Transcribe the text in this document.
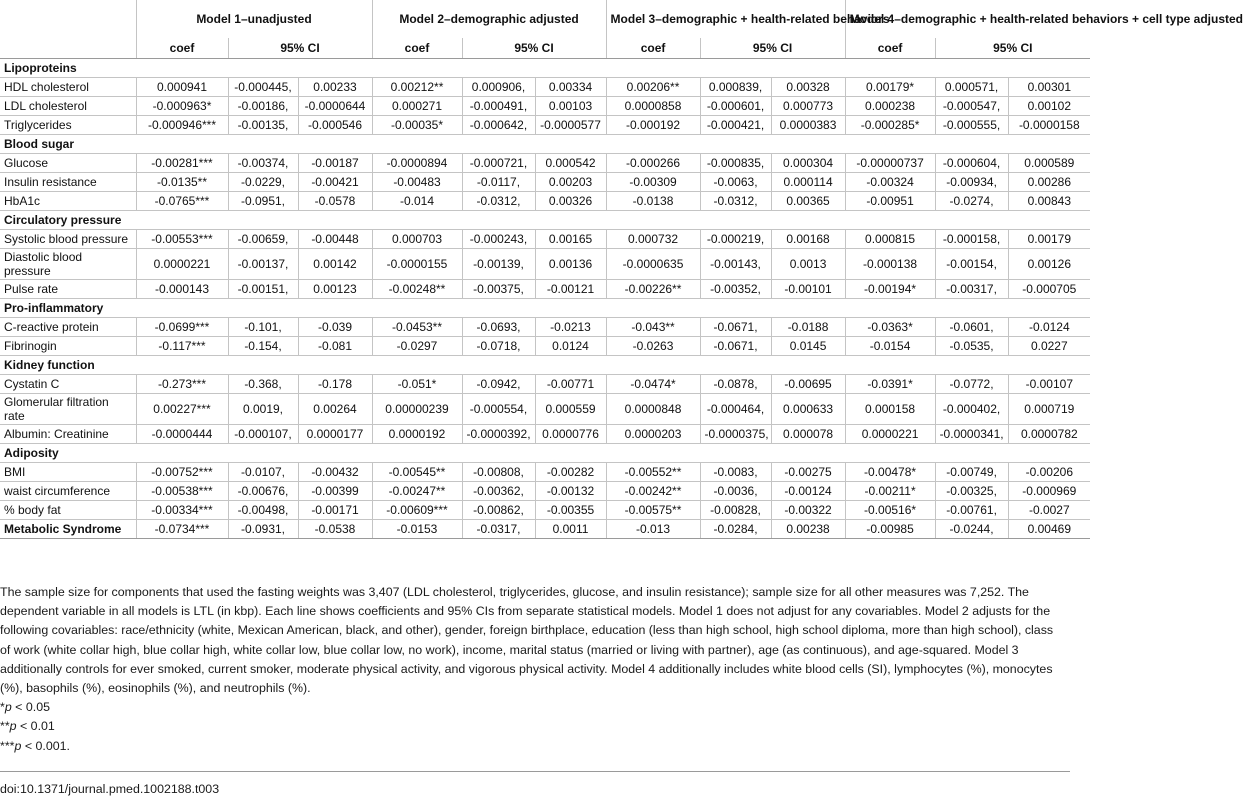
	Model 1–unadjusted			Model 2–demographic adjusted			Model 3–demographic + health-related behaviors			Model 4–demographic + health-related behaviors + cell type adjusted		
	coef	95% CI		coef	95% CI		coef	95% CI		coef	95% CI	
Lipoproteins												
HDL cholesterol	0.000941	-0.000445,	0.00233	0.00212**	0.000906,	0.00334	0.00206**	0.000839,	0.00328	0.00179*	0.000571,	0.00301
LDL cholesterol	-0.000963*	-0.00186,	-0.0000644	0.000271	-0.000491,	0.00103	0.0000858	-0.000601,	0.000773	0.000238	-0.000547,	0.00102
Triglycerides	-0.000946***	-0.00135,	-0.000546	-0.00035*	-0.000642,	-0.0000577	-0.000192	-0.000421,	0.0000383	-0.000285*	-0.000555,	-0.0000158
Blood sugar												
Glucose	-0.00281***	-0.00374,	-0.00187	-0.0000894	-0.000721,	0.000542	-0.000266	-0.000835,	0.000304	-0.00000737	-0.000604,	0.000589
Insulin resistance	-0.0135**	-0.0229,	-0.00421	-0.00483	-0.0117,	0.00203	-0.00309	-0.0063,	0.000114	-0.00324	-0.00934,	0.00286
HbA1c	-0.0765***	-0.0951,	-0.0578	-0.014	-0.0312,	0.00326	-0.0138	-0.0312,	0.00365	-0.00951	-0.0274,	0.00843
Circulatory pressure												
Systolic blood pressure	-0.00553***	-0.00659,	-0.00448	0.000703	-0.000243,	0.00165	0.000732	-0.000219,	0.00168	0.000815	-0.000158,	0.00179
Diastolic blood pressure	0.0000221	-0.00137,	0.00142	-0.0000155	-0.00139,	0.00136	-0.0000635	-0.00143,	0.0013	-0.000138	-0.00154,	0.00126
Pulse rate	-0.000143	-0.00151,	0.00123	-0.00248**	-0.00375,	-0.00121	-0.00226**	-0.00352,	-0.00101	-0.00194*	-0.00317,	-0.000705
Pro-inflammatory												
C-reactive protein	-0.0699***	-0.101,	-0.039	-0.0453**	-0.0693,	-0.0213	-0.043**	-0.0671,	-0.0188	-0.0363*	-0.0601,	-0.0124
Fibrinogin	-0.117***	-0.154,	-0.081	-0.0297	-0.0718,	0.0124	-0.0263	-0.0671,	0.0145	-0.0154	-0.0535,	0.0227
Kidney function												
Cystatin C	-0.273***	-0.368,	-0.178	-0.051*	-0.0942,	-0.00771	-0.0474*	-0.0878,	-0.00695	-0.0391*	-0.0772,	-0.00107
Glomerular filtration rate	0.00227***	0.0019,	0.00264	0.00000239	-0.000554,	0.000559	0.0000848	-0.000464,	0.000633	0.000158	-0.000402,	0.000719
Albumin: Creatinine	-0.0000444	-0.000107,	0.0000177	0.0000192	-0.0000392,	0.0000776	0.0000203	-0.0000375,	0.000078	0.0000221	-0.0000341,	0.0000782
Adiposity												
BMI	-0.00752***	-0.0107,	-0.00432	-0.00545**	-0.00808,	-0.00282	-0.00552**	-0.0083,	-0.00275	-0.00478*	-0.00749,	-0.00206
waist circumference	-0.00538***	-0.00676,	-0.00399	-0.00247**	-0.00362,	-0.00132	-0.00242**	-0.0036,	-0.00124	-0.00211*	-0.00325,	-0.000969
% body fat	-0.00334***	-0.00498,	-0.00171	-0.00609***	-0.00862,	-0.00355	-0.00575**	-0.00828,	-0.00322	-0.00516*	-0.00761,	-0.0027
Metabolic Syndrome	-0.0734***	-0.0931,	-0.0538	-0.0153	-0.0317,	0.0011	-0.013	-0.0284,	0.00238	-0.00985	-0.0244,	0.00469

The sample size for components that used the fasting weights was 3,407 (LDL cholesterol, triglycerides, glucose, and insulin resistance); sample size for all other measures was 7,252. The dependent variable in all models is LTL (in kbp). Each line shows coefficients and 95% CIs from separate statistical models. Model 1 does not adjust for any covariables. Model 2 adjusts for the following covariables: race/ethnicity (white, Mexican American, black, and other), gender, foreign birthplace, education (less than high school, high school diploma, more than high school), class of work (white collar high, blue collar high, white collar low, blue collar low, no work), income, marital status (married or living with partner), age (as continuous), and age-squared. Model 3 additionally controls for ever smoked, current smoker, moderate physical activity, and vigorous physical activity. Model 4 additionally includes white blood cells (SI), lymphocytes (%), monocytes (%), basophils (%), eosinophils (%), and neutrophils (%).

*p < 0.05

**p < 0.01

***p < 0.001.

doi:10.1371/journal.pmed.1002188.t003
